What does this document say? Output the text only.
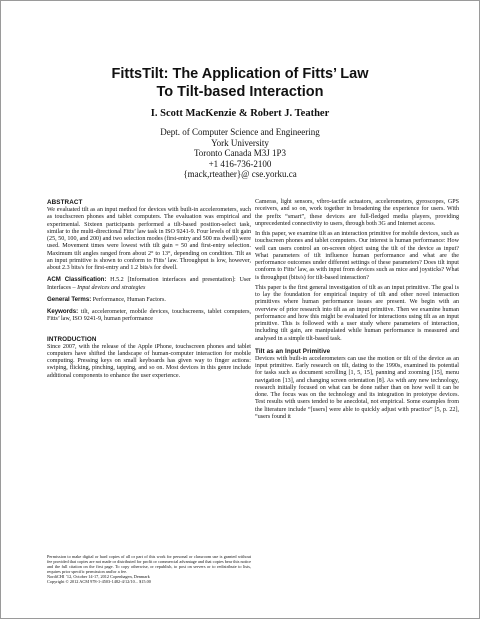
FittsTilt: The Application of Fitts’ Law
To Tilt-based Interaction
I. Scott MacKenzie & Robert J. Teather
Dept. of Computer Science and Engineering
York University
Toronto Canada M3J 1P3
+1 416-736-2100
{mack,rteather}@ cse.yorku.ca
ABSTRACT

We evaluated tilt as an input method for devices with built-in accelerometers, such as touchscreen phones and tablet computers. The evaluation was empirical and experimental. Sixteen participants performed a tilt-based position-select task, similar to the multi-directional Fitts’ law task in ISO 9241-9. Four levels of tilt gain (25, 50, 100, and 200) and two selection modes (first-entry and 500 ms dwell) were used. Movement times were lowest with tilt gain = 50 and first-entry selection. Maximum tilt angles ranged from about 2° to 13°, depending on condition. Tilt as an input primitive is shown to conform to Fitts’ law. Throughput is low, however, about 2.3 bits/s for first-entry and 1.2 bits/s for dwell.

ACM Classification: H.5.2 [Information interfaces and presentation]: User Interfaces – Input devices and strategies
General Terms: Performance, Human Factors.
Keywords: tilt, accelerometer, mobile devices, touchscreens, tablet computers, Fitts’ law, ISO 9241-9, human performance
INTRODUCTION

Since 2007, with the release of the Apple iPhone, touchscreen phones and tablet computers have shifted the landscape of human-computer interaction for mobile computing. Pressing keys on small keyboards has given way to finger actions: swiping, flicking, pinching, tapping, and so on. Most devices in this genre include additional components to enhance the user experience.

Permission to make digital or hard copies of all or part of this work for personal or classroom use is granted without fee provided that copies are not made or distributed for profit or commercial advantage and that copies bear this notice and the full citation on the first page. To copy otherwise, or republish, to post on servers or to redistribute to lists, requires prior specific permission and/or a fee.
NordiCHI ’12, October 14-17, 2012 Copenhagen, Denmark
Copyright © 2012 ACM 978-1-4503-1482-4/12/10... $15.00

Cameras, light sensors, vibro-tactile actuators, accelerometers, gyroscopes, GPS receivers, and so on, work together in broadening the experience for users. With the prefix “smart”, these devices are full-fledged media players, providing unprecedented connectivity to users, through both 3G and Internet access.

In this paper, we examine tilt as an interaction primitive for mobile devices, such as touchscreen phones and tablet computers. Our interest is human performance: How well can users control an on-screen object using the tilt of the device as input? What parameters of tilt influence human performance and what are the performance outcomes under different settings of these parameters? Does tilt input conform to Fitts’ law, as with input from devices such as mice and joysticks? What is throughput (bits/s) for tilt-based interaction?

This paper is the first general investigation of tilt as an input primitive. The goal is to lay the foundation for empirical inquiry of tilt and other novel interaction primitives where human performance issues are present. We begin with an overview of prior research into tilt as an input primitive. Then we examine human performance and how this might be evaluated for interactions using tilt as an input primitive. This is followed with a user study where parameters of interaction, including tilt gain, are manipulated while human performance is measured and analysed in a simple tilt-based task.

Tilt as an Input Primitive

Devices with built-in accelerometers can use the motion or tilt of the device as an input primitive. Early research on tilt, dating to the 1990s, examined its potential for tasks such as document scrolling [1, 5, 15], panning and zooming [15], menu navigation [13], and changing screen orientation [8]. As with any new technology, research initially focused on what can be done rather than on how well it can be done. The focus was on the technology and its integration in prototype devices. Test results with users tended to be anecdotal, not empirical. Some examples from the literature include “[users] were able to quickly adjust with practice” [5, p. 22], “users found it
